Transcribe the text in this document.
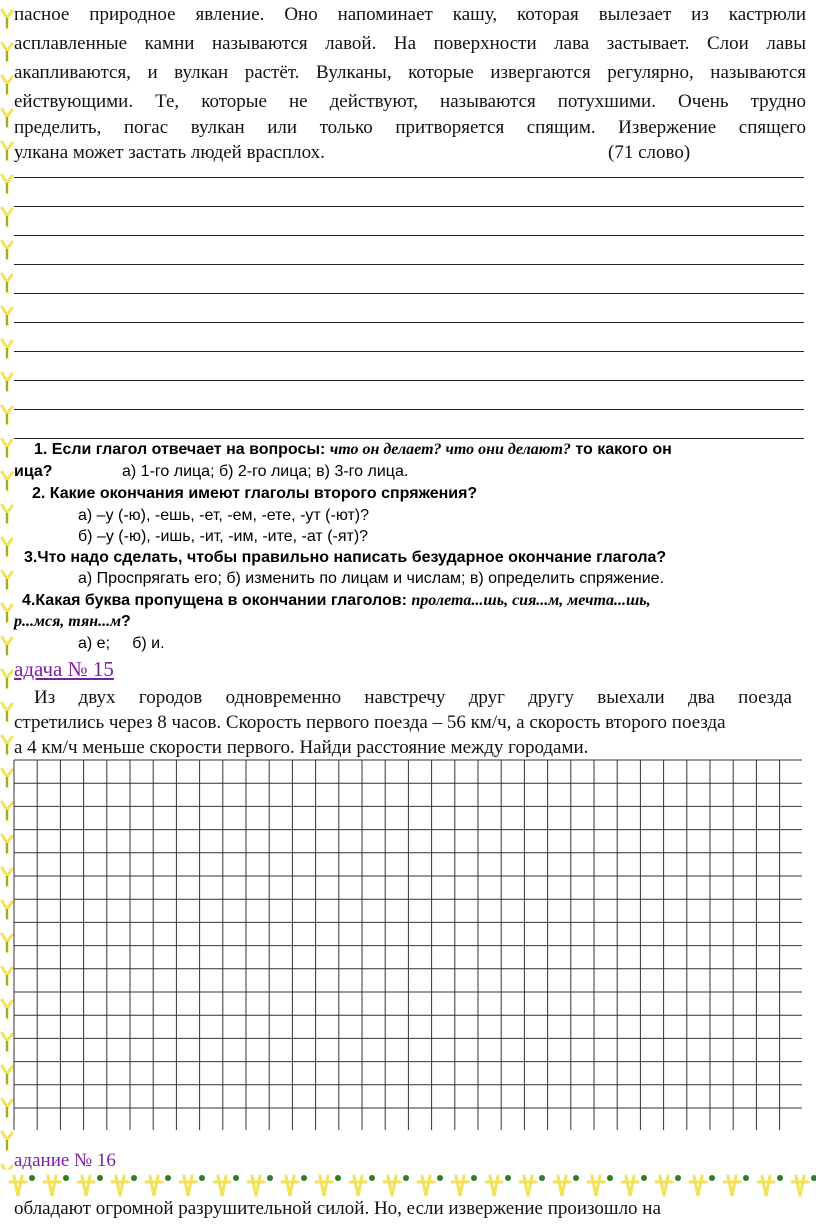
пасное природное явление. Оно напоминает кашу, которая вылезает из кастрюли
асплавленные камни называются лавой. На поверхности лава застывает. Слои лавы
акапливаются, и вулкан растёт. Вулканы, которые извергаются регулярно, называются
ействующими. Те, которые не действуют, называются потухшими. Очень трудно
пределить, погас вулкан или только притворяется спящим. Извержение спящего
улкана может застать людей врасплох.	(71 слово)
1. Если глагол отвечает на вопросы: что он делает? что они делают? то какого он
ица?	а) 1-го лица; б) 2-го лица; в) 3-го лица.
2. Какие окончания имеют глаголы второго спряжения?
а) –у (-ю), -ешь, -ет, -ем, -ете, -ут (-ют)?
б) –у (-ю), -ишь, -ит, -им, -ите, -ат (-ят)?
3.Что надо сделать, чтобы правильно написать безударное окончание глагола?
а) Проспрягать его; б) изменить по лицам и числам; в) определить спряжение.
4.Какая буква пропущена в окончании глаголов: пролета...шь, сия...м, мечта...шь,
р...мся, тян...м?
а) е;     б) и.
адача № 15
Из двух городов одновременно навстречу друг другу выехали два поезда
стретились через 8 часов. Скорость первого поезда – 56 км/ч, а скорость второго поезда
а 4 км/ч меньше скорости первого. Найди расстояние между городами.
адание № 16
обладают огромной разрушительной силой. Но, если извержение произошло на
